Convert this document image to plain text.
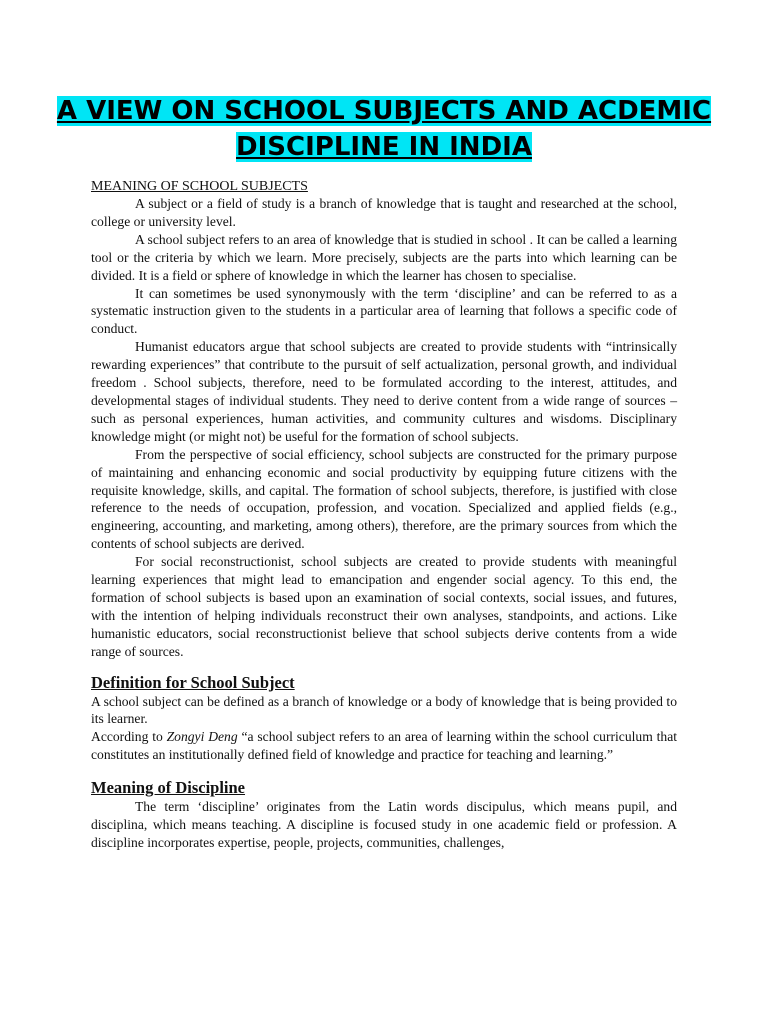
A VIEW ON SCHOOL SUBJECTS AND ACDEMIC DISCIPLINE IN INDIA

MEANING OF SCHOOL SUBJECTS

A subject or a field of study is a branch of knowledge that is taught and researched at the school, college or university level.

A school subject refers to an area of knowledge that is studied in school . It can be called a learning tool or the criteria by which we learn. More precisely, subjects are the parts into which learning can be divided. It is a field or sphere of knowledge in which the learner has chosen to specialise.

It can sometimes be used synonymously with the term ‘discipline’ and can be referred to as a systematic instruction given to the students in a particular area of learning that follows a specific code of conduct.

Humanist educators argue that school subjects are created to provide students with “intrinsically rewarding experiences” that contribute to the pursuit of self actualization, personal growth, and individual freedom . School subjects, therefore, need to be formulated according to the interest, attitudes, and developmental stages of individual students. They need to derive content from a wide range of sources – such as personal experiences, human activities, and community cultures and wisdoms. Disciplinary knowledge might (or might not) be useful for the formation of school subjects.

From the perspective of social efficiency, school subjects are constructed for the primary purpose of maintaining and enhancing economic and social productivity by equipping future citizens with the requisite knowledge, skills, and capital. The formation of school subjects, therefore, is justified with close reference to the needs of occupation, profession, and vocation. Specialized and applied fields (e.g., engineering, accounting, and marketing, among others), therefore, are the primary sources from which the contents of school subjects are derived.

For social reconstructionist, school subjects are created to provide students with meaningful learning experiences that might lead to emancipation and engender social agency. To this end, the formation of school subjects is based upon an examination of social contexts, social issues, and futures, with the intention of helping individuals reconstruct their own analyses, standpoints, and actions. Like humanistic educators, social reconstructionist believe that school subjects derive contents from a wide range of sources.

Definition for School Subject

A school subject can be defined as a branch of knowledge or a body of knowledge that is being provided to its learner.

According to Zongyi Deng “a school subject refers to an area of learning within the school curriculum that constitutes an institutionally defined field of knowledge and practice for teaching and learning.”

Meaning of Discipline

The term ‘discipline’ originates from the Latin words discipulus, which means pupil, and disciplina, which means teaching. A discipline is focused study in one academic field or profession. A discipline incorporates expertise, people, projects, communities, challenges,
